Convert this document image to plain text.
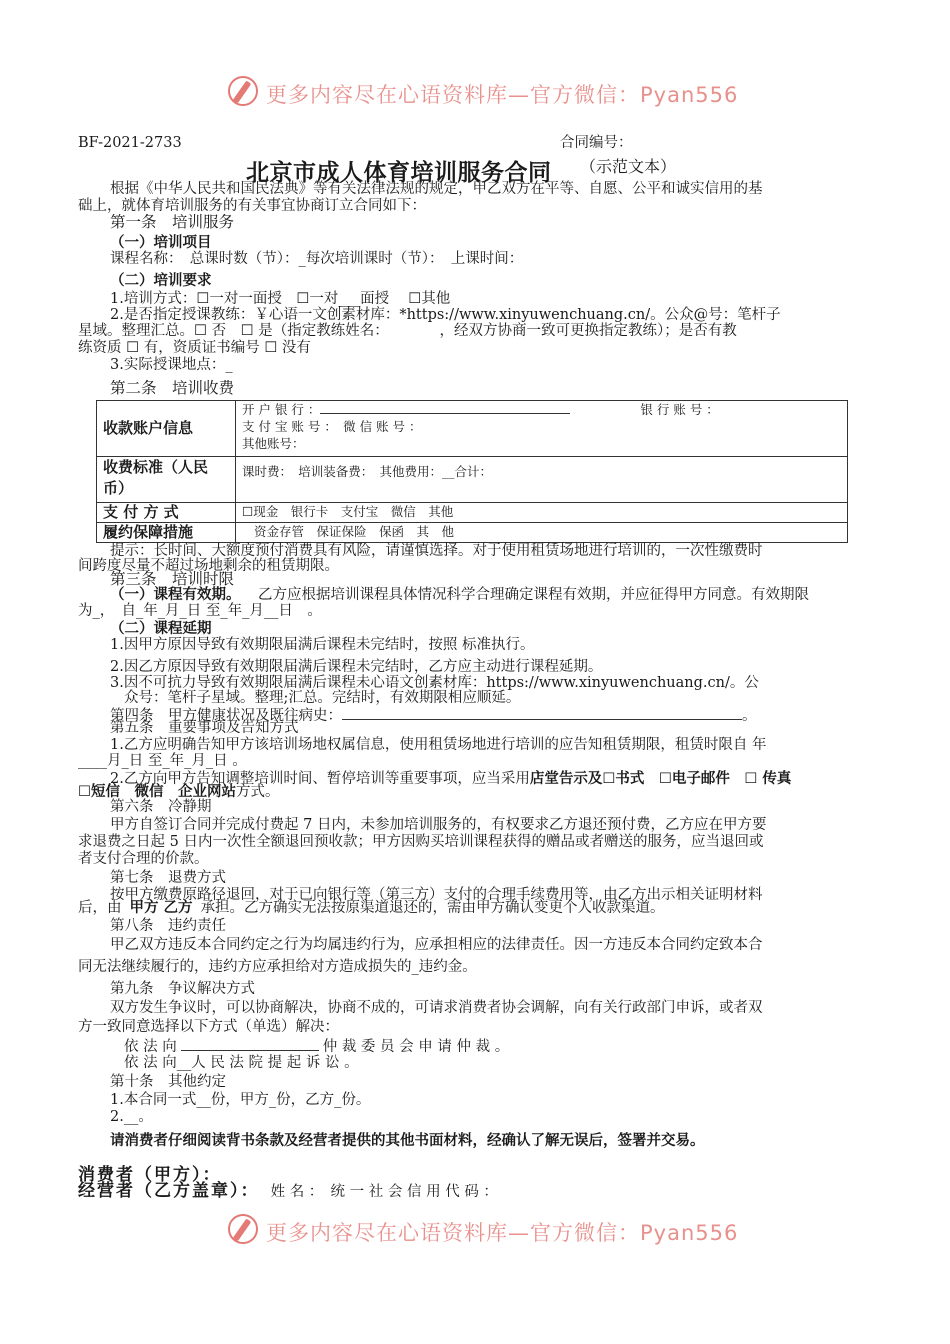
更多内容尽在心语资料库—官方微信：Pyan556
BF-2021-2733	合同编号：
北京市成人体育培训服务合同 （示范文本）
根据《中华人民共和国民法典》等有关法律法规的规定，甲乙双方在平等、自愿、公平和诚实信用的基
础上，就体育培训服务的有关事宜协商订立合同如下：
第一条　培训服务
（一）培训项目
课程名称：　总课时数（节）：_每次培训课时（节）：　上课时间：
（二）培训要求
1.培训方式：☐一对一面授　☐一对___面授　 ☐其他
2.是否指定授课教练：￥心语一文创素材库：*https://www.xinyuwenchuang.cn/。公众@号：笔杆子
星域。整理汇总。☐ 否　☐ 是（指定教练姓名：　　　　，经双方协商一致可更换指定教练）；是否有教
练资质 ☐ 有，资质证书编号 ☐ 没有
3.实际授课地点：_
第二条　培训收费
收款账户信息	开 户 银 行 ： 银 行 账 号 ：
支 付 宝 账 号 ：　微 信 账 号 ：
其他账号：

收费标准（人民币）	课时费：　培训装备费：　其他费用：__合计：
支 付 方 式	☐现金　银行卡　支付宝　微信　其他
履约保障措施	资金存管　保证保险　保函　其　他
提示：长时间、大额度预付消费具有风险，请谨慎选择。对于使用租赁场地进行培训的，一次性缴费时
间跨度尽量不超过场地剩余的租赁期限。
第三条　培训时限
（一）课程有效期。 乙方应根据培训课程具体情况科学合理确定课程有效期，并应征得甲方同意。有效期限
为_，　自_年_月_日 至_年_月__日　。
（二）课程延期
1.因甲方原因导致有效期限届满后课程未完结时，按照 标准执行。
2.因乙方原因导致有效期限届满后课程未完结时，乙方应主动进行课程延期。
3.因不可抗力导致有效期限届满后课程未心语文创素材库：https://www.xinyuwenchuang.cn/。公
众号：笔杆子星域。整理;汇总。完结时，有效期限相应顺延。
第四条　甲方健康状况及既往病史：	。
第五条　重要事项及告知方式
1.乙方应明确告知甲方该培训场地权属信息，使用租赁场地进行培训的应告知租赁期限，租赁时限自 年
____月_日 至_年_月_日 。
2.乙方向甲方告知调整培训时间、暂停培训等重要事项，应当采用店堂告示及☐书式　☐电子邮件　☐ 传真
☐短信　微信　企业网站方式。
第六条　冷静期
甲方自签订合同并完成付费起 7 日内，未参加培训服务的，有权要求乙方退还预付费，乙方应在甲方要
求退费之日起 5 日内一次性全额退回预收款；甲方因购买培训课程获得的赠品或者赠送的服务，应当退回或
者支付合理的价款。
第七条　退费方式
按甲方缴费原路径退回，对于已向银行等（第三方）支付的合理手续费用等，由乙方出示相关证明材料
后，由 甲方 乙方 承担。乙方确实无法按原渠道退还的，需由甲方确认变更个人收款渠道。
第八条　违约责任
甲乙双方违反本合同约定之行为均属违约行为，应承担相应的法律责任。因一方违反本合同约定致本合
同无法继续履行的，违约方应承担给对方造成损失的_违约金。
第九条　争议解决方式
双方发生争议时，可以协商解决，协商不成的，可请求消费者协会调解，向有关行政部门申诉，或者双
方一致同意选择以下方式（单选）解决：
依 法 向	仲 裁 委 员 会 申 请 仲 裁 。
依 法 向__人 民 法 院 提 起 诉 讼 。
第十条　其他约定
1.本合同一式__份，甲方_份，乙方_份。
2.__。
请消费者仔细阅读背书条款及经营者提供的其他书面材料，经确认了解无误后，签署并交易。
消费者（甲方）：
经营者（乙方盖章）： 姓 名 ：　统 一 社 会 信 用 代 码 ：
更多内容尽在心语资料库—官方微信：Pyan556
